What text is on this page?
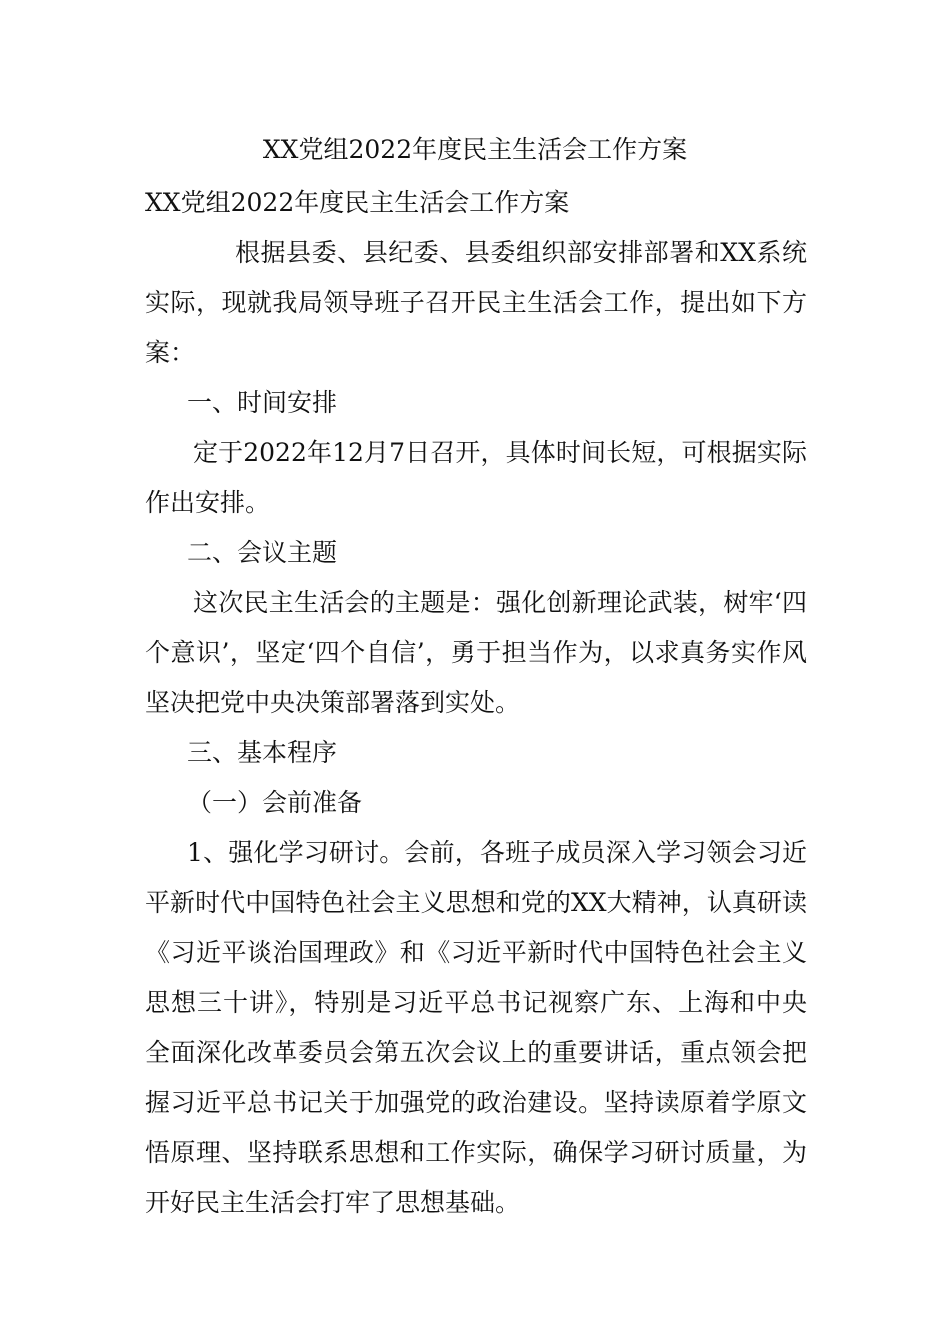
XX党组2022年度民主生活会工作方案

XX党组2022年度民主生活会工作方案

根据县委、县纪委、县委组织部安排部署和XX系统实际，现就我局领导班子召开民主生活会工作，提出如下方案：

一、时间安排

定于2022年12月7日召开，具体时间长短，可根据实际作出安排。

二、会议主题

这次民主生活会的主题是：强化创新理论武装，树牢‘四个意识’，坚定‘四个自信’，勇于担当作为，以求真务实作风坚决把党中央决策部署落到实处。

三、基本程序

（一）会前准备

1、强化学习研讨。会前，各班子成员深入学习领会习近平新时代中国特色社会主义思想和党的XX大精神，认真研读《习近平谈治国理政》和《习近平新时代中国特色社会主义思想三十讲》，特别是习近平总书记视察广东、上海和中央全面深化改革委员会第五次会议上的重要讲话，重点领会把握习近平总书记关于加强党的政治建设。坚持读原着学原文悟原理、坚持联系思想和工作实际，确保学习研讨质量，为开好民主生活会打牢了思想基础。
